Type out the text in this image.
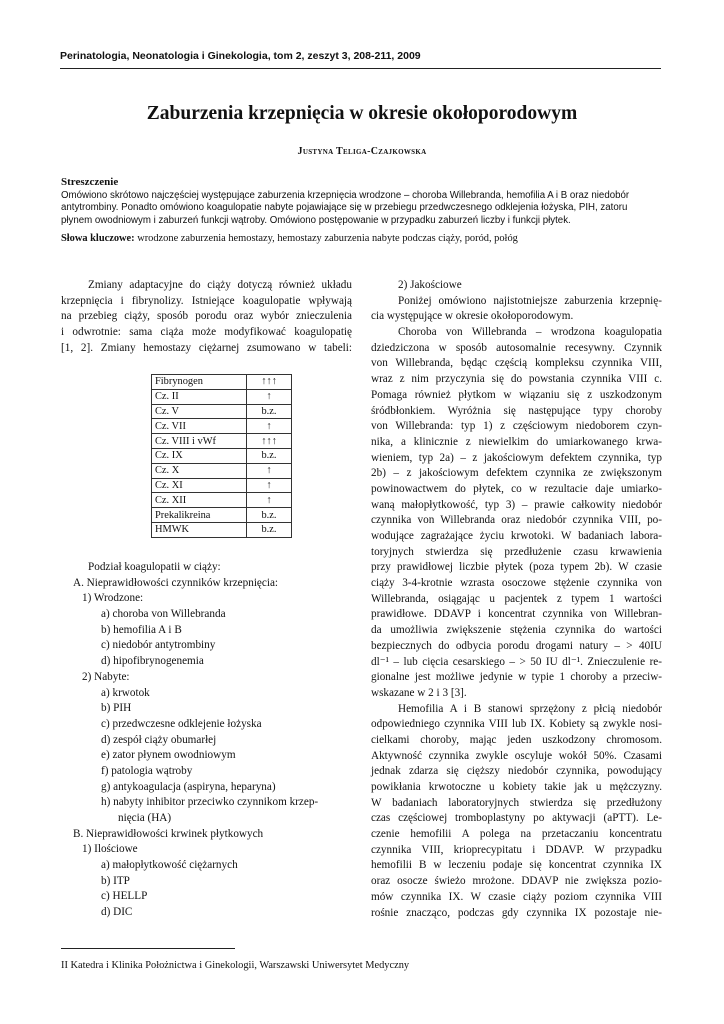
Perinatologia, Neonatologia i Ginekologia, tom 2, zeszyt 3, 208-211, 2009
Zaburzenia krzepnięcia w okresie okołoporodowym
Justyna Teliga-Czajkowska
Streszczenie
Omówiono skrótowo najczęściej występujące zaburzenia krzepnięcia wrodzone – choroba Willebranda, hemofilia A i B oraz niedobór
antytrombiny. Ponadto omówiono koagulopatie nabyte pojawiające się w przebiegu przedwczesnego odklejenia łożyska, PIH, zatoru
płynem owodniowym i zaburzeń funkcji wątroby. Omówiono postępowanie w przypadku zaburzeń liczby i funkcji płytek.
Słowa kluczowe: wrodzone zaburzenia hemostazy, hemostazy zaburzenia nabyte podczas ciąży, poród, połóg
Zmiany adaptacyjne do ciąży dotyczą również układu
krzepnięcia i fibrynolizy. Istniejące koagulopatie wpływają
na przebieg ciąży, sposób porodu oraz wybór znieczulenia
i odwrotnie: sama ciąża może modyfikować koagulopatię
[1, 2]. Zmiany hemostazy ciężarnej zsumowano w tabeli:
Fibrynogen	↑↑↑
Cz. II	↑
Cz. V	b.z.
Cz. VII	↑
Cz. VIII i vWf	↑↑↑
Cz. IX	b.z.
Cz. X	↑
Cz. XI	↑
Cz. XII	↑
Prekalikreina	b.z.
HMWK	b.z.
Podział koagulopatii w ciąży:
A. Nieprawidłowości czynników krzepnięcia:
1) Wrodzone:
a) choroba von Willebranda
b) hemofilia A i B
c) niedobór antytrombiny
d) hipofibrynogenemia
2) Nabyte:
a) krwotok
b) PIH
c) przedwczesne odklejenie łożyska
d) zespół ciąży obumarłej
e) zator płynem owodniowym
f) patologia wątroby
g) antykoagulacja (aspiryna, heparyna)
h) nabyty inhibitor przeciwko czynnikom krzep-
nięcia (HA)
B. Nieprawidłowości krwinek płytkowych
1) Ilościowe
a) małopłytkowość ciężarnych
b) ITP
c) HELLP
d) DIC
2) Jakościowe
Poniżej omówiono najistotniejsze zaburzenia krzepnię-
cia występujące w okresie okołoporodowym.
Choroba von Willebranda – wrodzona koagulopatia
dziedziczona w sposób autosomalnie recesywny. Czynnik
von Willebranda, będąc częścią kompleksu czynnika VIII,
wraz z nim przyczynia się do powstania czynnika VIII c.
Pomaga również płytkom w wiązaniu się z uszkodzonym
śródbłonkiem. Wyróżnia się następujące typy choroby
von Willebranda: typ 1) z częściowym niedoborem czyn-
nika, a klinicznie z niewielkim do umiarkowanego krwa-
wieniem, typ 2a) – z jakościowym defektem czynnika, typ
2b) – z jakościowym defektem czynnika ze zwiększonym
powinowactwem do płytek, co w rezultacie daje umiarko-
waną małopłytkowość, typ 3) – prawie całkowity niedobór
czynnika von Willebranda oraz niedobór czynnika VIII, po-
wodujące zagrażające życiu krwotoki. W badaniach labora-
toryjnych stwierdza się przedłużenie czasu krwawienia
przy prawidłowej liczbie płytek (poza typem 2b). W czasie
ciąży 3-4-krotnie wzrasta osoczowe stężenie czynnika von
Willebranda, osiągając u pacjentek z typem 1 wartości
prawidłowe. DDAVP i koncentrat czynnika von Willebran-
da umożliwia zwiększenie stężenia czynnika do wartości
bezpiecznych do odbycia porodu drogami natury – > 40IU
dl⁻¹ – lub cięcia cesarskiego – > 50 IU dl⁻¹. Znieczulenie re-
gionalne jest możliwe jedynie w typie 1 choroby a przeciw-
wskazane w 2 i 3 [3].
Hemofilia A i B stanowi sprzężony z płcią niedobór
odpowiedniego czynnika VIII lub IX. Kobiety są zwykle nosi-
cielkami choroby, mając jeden uszkodzony chromosom.
Aktywność czynnika zwykle oscyluje wokół 50%. Czasami
jednak zdarza się cięższy niedobór czynnika, powodujący
powikłania krwotoczne u kobiety takie jak u mężczyzny.
W badaniach laboratoryjnych stwierdza się przedłużony
czas częściowej tromboplastyny po aktywacji (aPTT). Le-
czenie hemofilii A polega na przetaczaniu koncentratu
czynnika VIII, krioprecypitatu i DDAVP. W przypadku
hemofilii B w leczeniu podaje się koncentrat czynnika IX
oraz osocze świeżo mrożone. DDAVP nie zwiększa pozio-
mów czynnika IX. W czasie ciąży poziom czynnika VIII
rośnie znacząco, podczas gdy czynnika IX pozostaje nie-
II Katedra i Klinika Położnictwa i Ginekologii, Warszawski Uniwersytet Medyczny
